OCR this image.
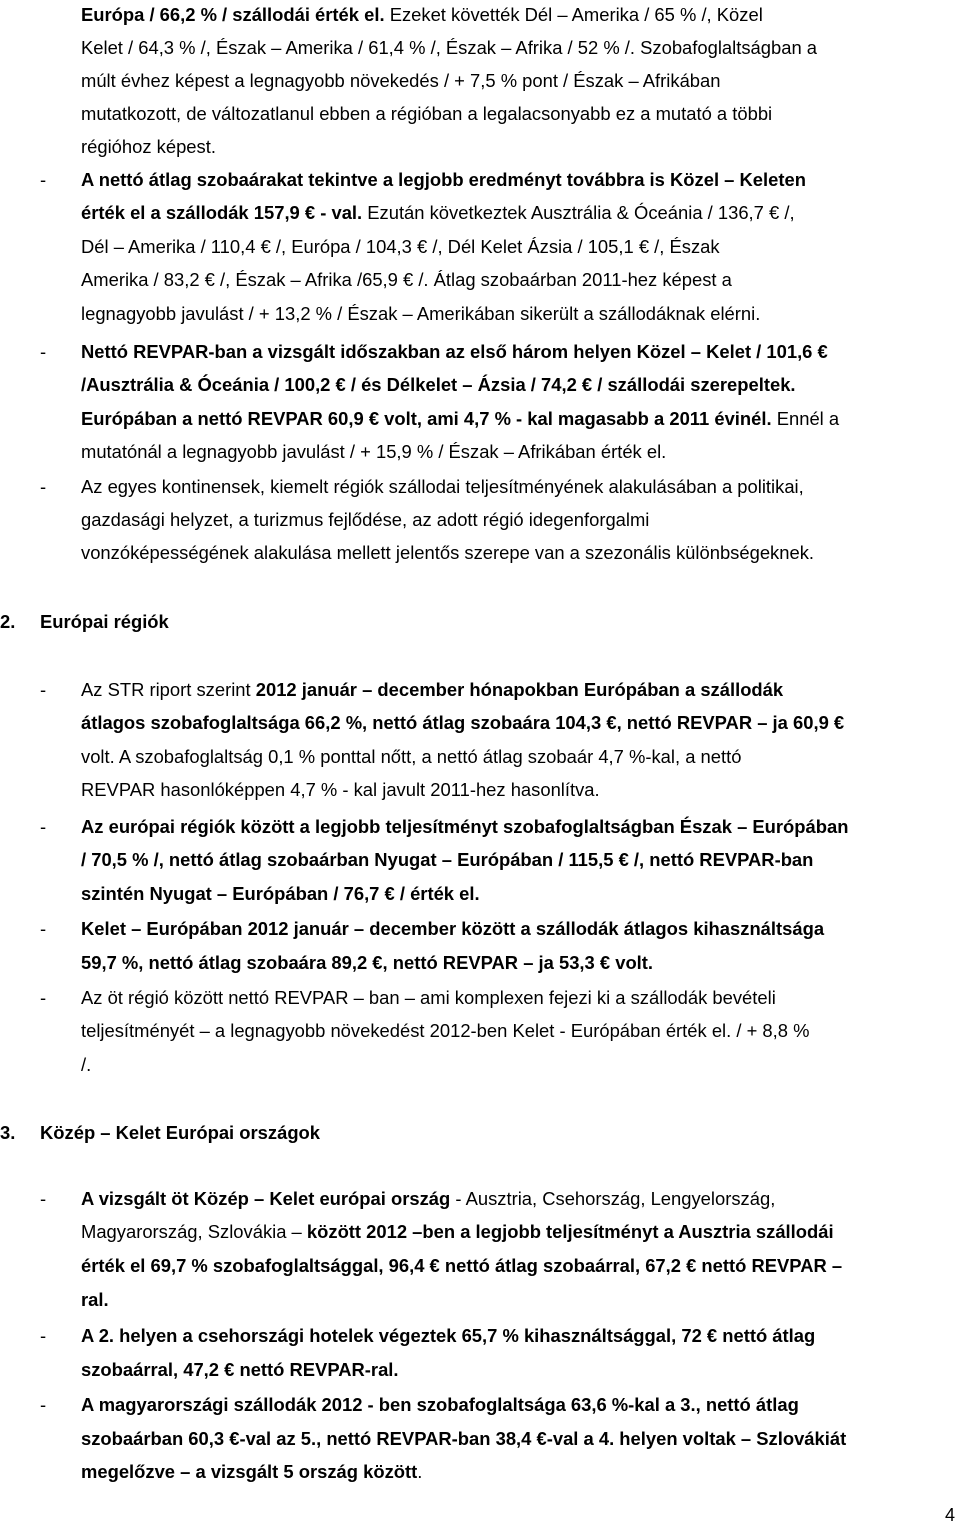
Európa / 66,2 % / szállodái érték el. Ezeket követték Dél – Amerika / 65 % /, Közel
Kelet / 64,3 % /, Észak – Amerika / 61,4 % /, Észak – Afrika / 52 % /. Szobafoglaltságban a
múlt évhez képest a legnagyobb növekedés / + 7,5 % pont / Észak – Afrikában
mutatkozott, de változatlanul ebben a régióban a legalacsonyabb ez a mutató a többi
régióhoz képest.
- A nettó átlag szobaárakat tekintve a legjobb eredményt továbbra is Közel – Keleten
érték el a szállodák 157,9 € - val. Ezután következtek Ausztrália & Óceánia / 136,7 € /,
Dél – Amerika / 110,4 € /, Európa / 104,3 € /, Dél Kelet Ázsia / 105,1 € /, Észak
Amerika / 83,2 € /, Észak – Afrika /65,9 € /. Átlag szobaárban 2011-hez képest a
legnagyobb javulást / + 13,2 % / Észak – Amerikában sikerült a szállodáknak elérni.
- Nettó REVPAR-ban a vizsgált időszakban az első három helyen Közel – Kelet / 101,6 €
/Ausztrália & Óceánia / 100,2 € / és Délkelet – Ázsia / 74,2 € / szállodái szerepeltek.
Európában a nettó REVPAR 60,9 € volt, ami 4,7 % - kal magasabb a 2011 évinél. Ennél a
mutatónál a legnagyobb javulást / + 15,9 % / Észak – Afrikában érték el.
- Az egyes kontinensek, kiemelt régiók szállodai teljesítményének alakulásában a politikai,
gazdasági helyzet, a turizmus fejlődése, az adott régió idegenforgalmi
vonzóképességének alakulása mellett jelentős szerepe van a szezonális különbségeknek.
2. Európai régiók
- Az STR riport szerint 2012 január – december hónapokban Európában a szállodák
átlagos szobafoglaltsága 66,2 %, nettó átlag szobaára 104,3 €, nettó REVPAR – ja 60,9 €
volt. A szobafoglaltság 0,1 % ponttal nőtt, a nettó átlag szobaár 4,7 %-kal, a nettó
REVPAR hasonlóképpen 4,7 % - kal javult 2011-hez hasonlítva.
- Az európai régiók között a legjobb teljesítményt szobafoglaltságban Észak – Európában
/ 70,5 % /, nettó átlag szobaárban Nyugat – Európában / 115,5 € /, nettó REVPAR-ban
szintén Nyugat – Európában / 76,7 € / érték el.
- Kelet – Európában 2012 január – december között a szállodák átlagos kihasználtsága
59,7 %, nettó átlag szobaára 89,2 €, nettó REVPAR – ja 53,3 € volt.
- Az öt régió között nettó REVPAR – ban – ami komplexen fejezi ki a szállodák bevételi
teljesítményét – a legnagyobb növekedést 2012-ben Kelet - Európában érték el. / + 8,8 %
/.
3. Közép – Kelet Európai országok
- A vizsgált öt Közép – Kelet európai ország - Ausztria, Csehország, Lengyelország,
Magyarország, Szlovákia – között 2012 –ben a legjobb teljesítményt a Ausztria szállodái
érték el 69,7 % szobafoglaltsággal, 96,4 € nettó átlag szobaárral, 67,2 € nettó REVPAR –
ral.
- A 2. helyen a csehországi hotelek végeztek 65,7 % kihasználtsággal, 72 € nettó átlag
szobaárral, 47,2 € nettó REVPAR-ral.
- A magyarországi szállodák 2012 - ben szobafoglaltsága 63,6 %-kal a 3., nettó átlag
szobaárban 60,3 €-val az 5., nettó REVPAR-ban 38,4 €-val a 4. helyen voltak – Szlovákiát
megelőzve – a vizsgált 5 ország között.
4
